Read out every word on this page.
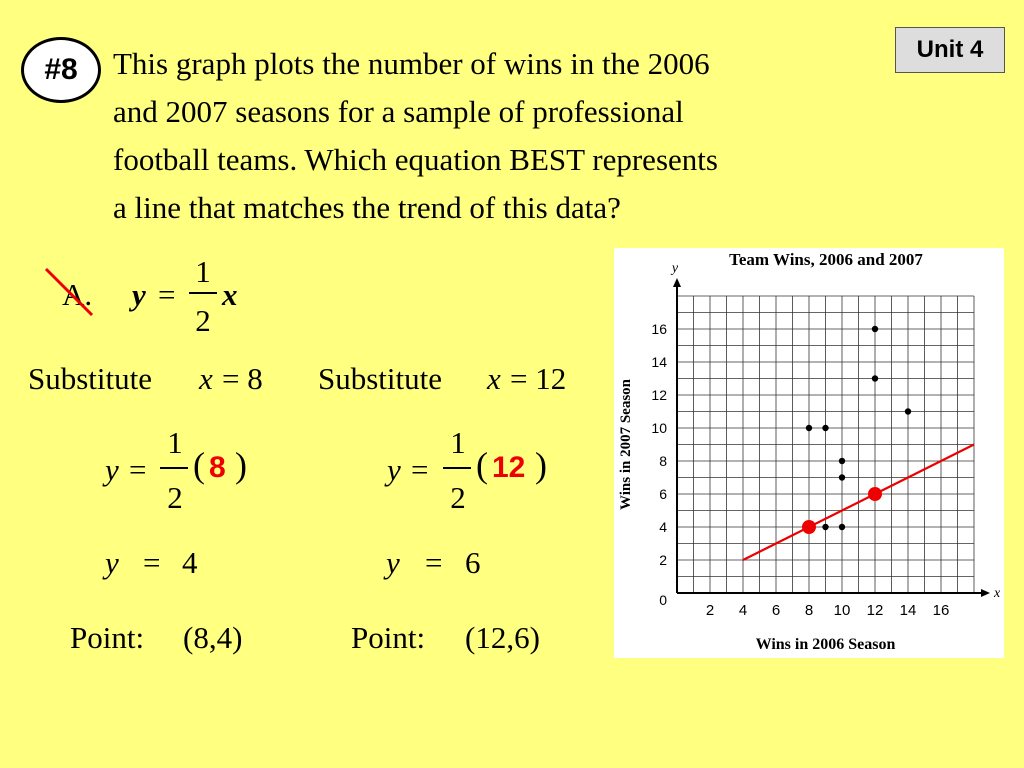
#8
Unit 4

This graph plots the number of wins in the 2006
and 2007 seasons for a sample of professional
football teams. Which equation BEST represents
a line that matches the trend of this data?

A. y =
1
2
x
Substitute x = 8
y =
1
2
( 8 )
y = 4
Point: (8,4)
Substitute x = 12
y =
1
2
( 12 )
y = 6
Point: (12,6)
2 4 6 8 10 12 14 16
2
4
6
8
10
12
14
16
0	x
y	Team Wins, 2006 and 2007
Wins in 2006 Season
Wins in 2007 Season
